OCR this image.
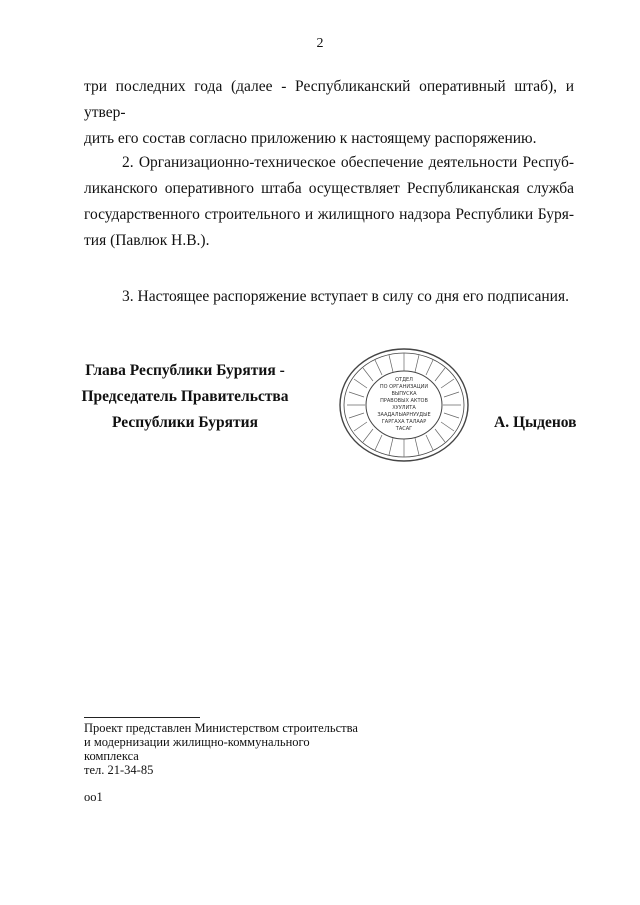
2
три последних года (далее - Республиканский оперативный штаб), и утвер-
дить его состав согласно приложению к настоящему распоряжению.
2. Организационно-техническое обеспечение деятельности Респуб-
ликанского оперативного штаба осуществляет Республиканская служба
государственного строительного и жилищного надзора Республики Буря-
тия (Павлюк Н.В.).
3. Настоящее распоряжение вступает в силу со дня его подписания.
Глава Республики Бурятия -
Председатель Правительства
Республики Бурятия
ОТДЕЛ
ПО ОРГАНИЗАЦИИ
ВЫПУСКА
ПРАВОВЫХ АКТОВ
ХУУЛИТА
ЗААДАЛЫАРНУУДЫЕ
ГАРГАХА ТАЛААР
ТАСАГ	А. Цыденов
Проект представлен Министерством строительства
и модернизации жилищно-коммунального
комплекса
тел. 21-34-85
оо1
